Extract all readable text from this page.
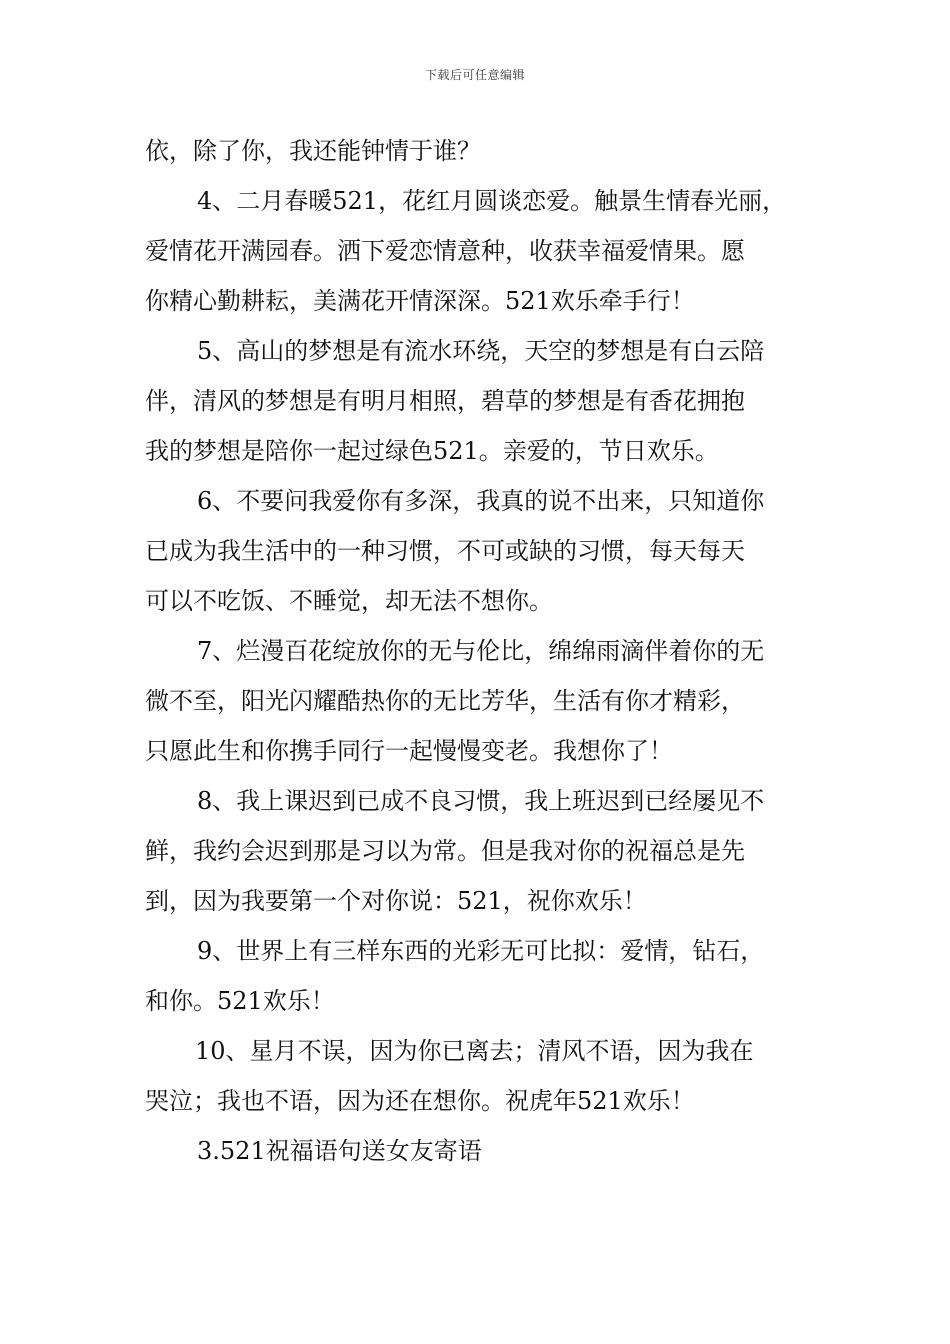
下载后可任意编辑
依，除了你，我还能钟情于谁？
4、二月春暖521，花红月圆谈恋爱。触景生情春光丽，
爱情花开满园春。洒下爱恋情意种，收获幸福爱情果。愿
你精心勤耕耘，美满花开情深深。521欢乐牵手行！
5、高山的梦想是有流水环绕，天空的梦想是有白云陪
伴，清风的梦想是有明月相照，碧草的梦想是有香花拥抱
我的梦想是陪你一起过绿色521。亲爱的，节日欢乐。
6、不要问我爱你有多深，我真的说不出来，只知道你
已成为我生活中的一种习惯，不可或缺的习惯，每天每天
可以不吃饭、不睡觉，却无法不想你。
7、烂漫百花绽放你的无与伦比，绵绵雨滴伴着你的无
微不至，阳光闪耀酷热你的无比芳华，生活有你才精彩，
只愿此生和你携手同行一起慢慢变老。我想你了！
8、我上课迟到已成不良习惯，我上班迟到已经屡见不
鲜，我约会迟到那是习以为常。但是我对你的祝福总是先
到，因为我要第一个对你说：521，祝你欢乐！
9、世界上有三样东西的光彩无可比拟：爱情，钻石，
和你。521欢乐！
10、星月不误，因为你已离去；清风不语，因为我在
哭泣；我也不语，因为还在想你。祝虎年521欢乐！
3.521祝福语句送女友寄语
